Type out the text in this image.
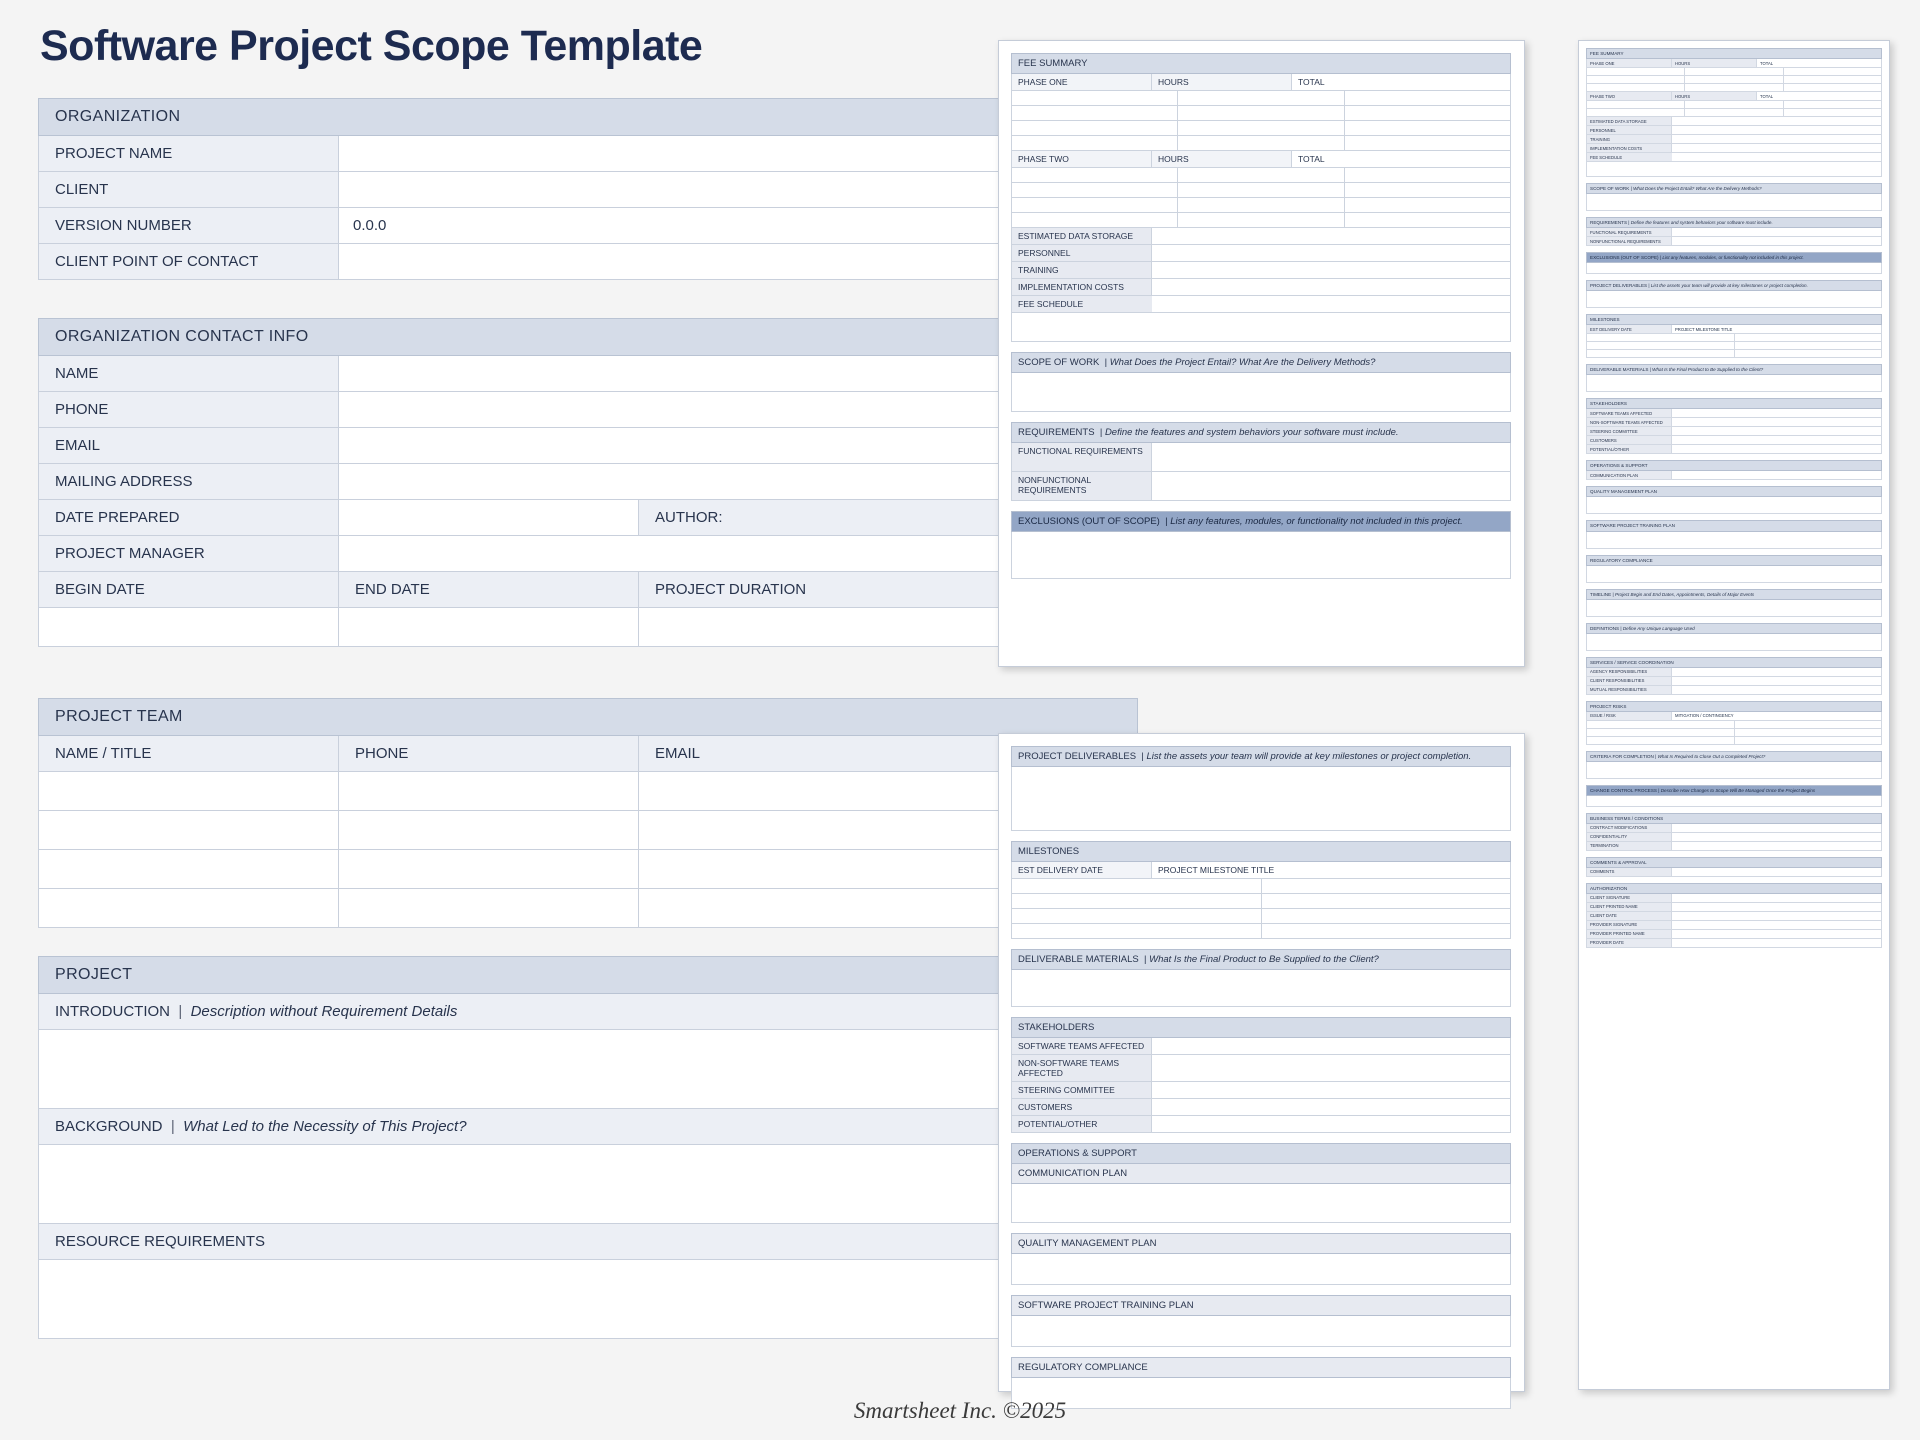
Software Project Scope Template
ORGANIZATION
PROJECT NAME
CLIENT
VERSION NUMBER	0.0.0
CLIENT POINT OF CONTACT
ORGANIZATION CONTACT INFO
NAME
PHONE
EMAIL
MAILING ADDRESS
DATE PREPARED	AUTHOR:
PROJECT MANAGER
BEGIN DATE	END DATE	PROJECT DURATION
PROJECT TEAM
NAME / TITLE	PHONE	EMAIL
PROJECT
INTRODUCTION  |  Description without Requirement Details
BACKGROUND  |  What Led to the Necessity of This Project?
RESOURCE REQUIREMENTS
FEE SUMMARY
PHASE ONE	HOURS	TOTAL
PHASE TWO	HOURS	TOTAL
ESTIMATED DATA STORAGE
PERSONNEL
TRAINING
IMPLEMENTATION COSTS
FEE SCHEDULE
SCOPE OF WORK  | What Does the Project Entail? What Are the Delivery Methods?
REQUIREMENTS  | Define the features and system behaviors your software must include.
FUNCTIONAL REQUIREMENTS
NONFUNCTIONAL REQUIREMENTS
EXCLUSIONS (OUT OF SCOPE)  | List any features, modules, or functionality not included in this project.
PROJECT DELIVERABLES  | List the assets your team will provide at key milestones or project completion.
MILESTONES
EST DELIVERY DATE	PROJECT MILESTONE TITLE
DELIVERABLE MATERIALS  | What Is the Final Product to Be Supplied to the Client?
STAKEHOLDERS
SOFTWARE TEAMS AFFECTED
NON-SOFTWARE TEAMS AFFECTED
STEERING COMMITTEE
CUSTOMERS
POTENTIAL/OTHER
OPERATIONS & SUPPORT
COMMUNICATION PLAN
QUALITY MANAGEMENT PLAN
SOFTWARE PROJECT TRAINING PLAN
REGULATORY COMPLIANCE
FEE SUMMARY
PHASE ONE	HOURS	TOTAL
PHASE TWO	HOURS	TOTAL
ESTIMATED DATA STORAGE
PERSONNEL
TRAINING
IMPLEMENTATION COSTS
FEE SCHEDULE
SCOPE OF WORK | What Does the Project Entail? What Are the Delivery Methods?
REQUIREMENTS | Define the features and system behaviors your software must include.
FUNCTIONAL REQUIREMENTS
NONFUNCTIONAL REQUIREMENTS
EXCLUSIONS (OUT OF SCOPE) | List any features, modules, or functionality not included in this project.
PROJECT DELIVERABLES | List the assets your team will provide at key milestones or project completion.
MILESTONES
EST DELIVERY DATE	PROJECT MILESTONE TITLE
DELIVERABLE MATERIALS | What Is the Final Product to Be Supplied to the Client?
STAKEHOLDERS
SOFTWARE TEAMS AFFECTED
NON-SOFTWARE TEAMS AFFECTED
STEERING COMMITTEE
CUSTOMERS
POTENTIAL/OTHER
OPERATIONS & SUPPORT
COMMUNICATION PLAN
QUALITY MANAGEMENT PLAN
SOFTWARE PROJECT TRAINING PLAN
REGULATORY COMPLIANCE
TIMELINE | Project Begin and End Dates, Appointments, Details of Major Events
DEFINITIONS | Define Any Unique Language Used
SERVICES / SERVICE COORDINATION
AGENCY RESPONSIBILITIES
CLIENT RESPONSIBILITIES
MUTUAL RESPONSIBILITIES
PROJECT RISKS
ISSUE / RISK	MITIGATION / CONTINGENCY
CRITERIA FOR COMPLETION | What Is Required to Close Out a Completed Project?
CHANGE CONTROL PROCESS | Describe How Changes to Scope Will Be Managed Once the Project Begins
BUSINESS TERMS / CONDITIONS
CONTRACT MODIFICATIONS
CONFIDENTIALITY
TERMINATION
COMMENTS & APPROVAL
COMMENTS
AUTHORIZATION
CLIENT SIGNATURE
CLIENT PRINTED NAME
CLIENT DATE
PROVIDER SIGNATURE
PROVIDER PRINTED NAME
PROVIDER DATE
Smartsheet Inc. ©2025
